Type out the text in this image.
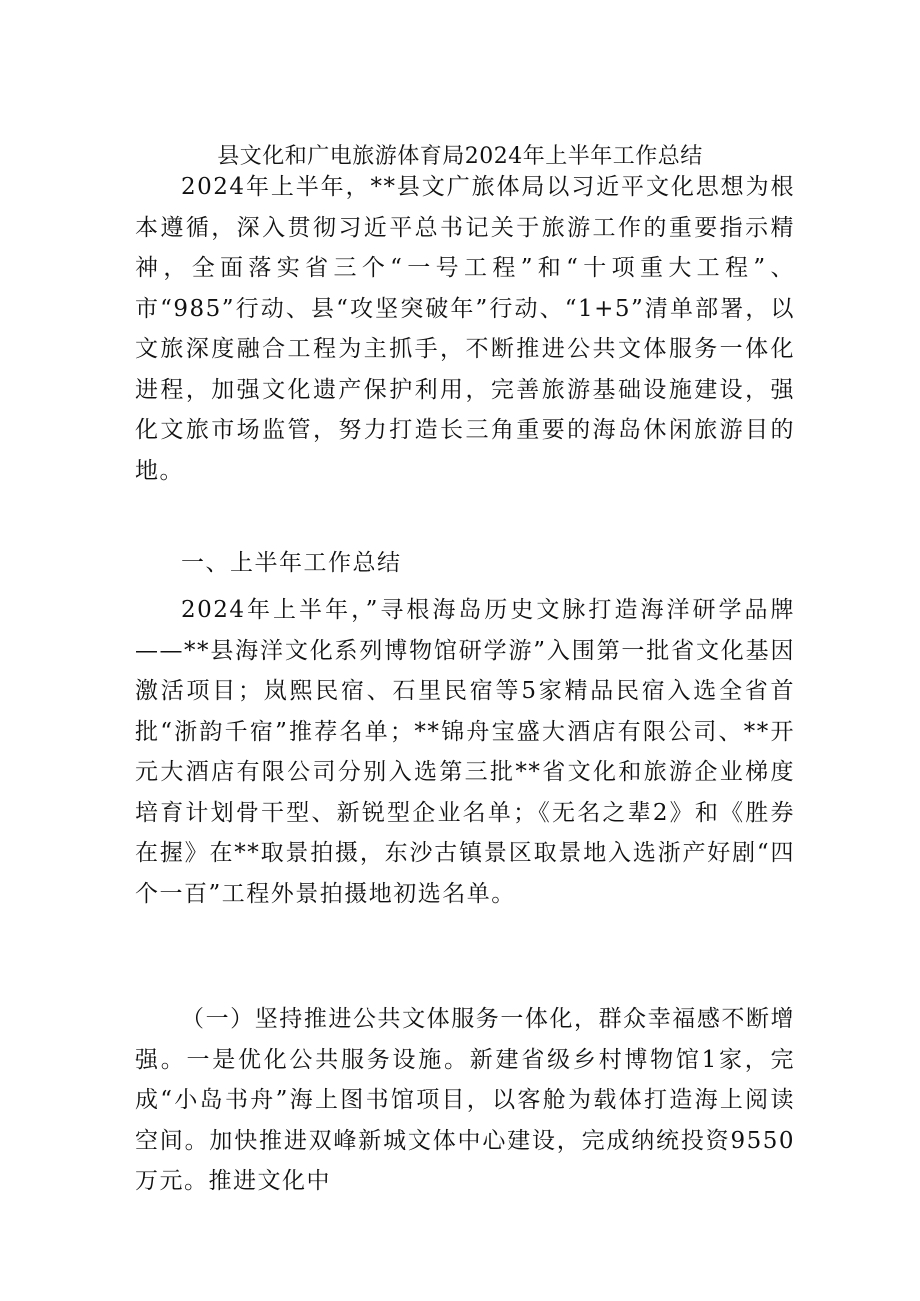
县文化和广电旅游体育局2024年上半年工作总结

2024年上半年，**县文广旅体局以习近平文化思想为根本遵循，深入贯彻习近平总书记关于旅游工作的重要指示精神，全面落实省三个“一号工程”和“十项重大工程”、市“985”行动、县“攻坚突破年”行动、“1+5”清单部署，以文旅深度融合工程为主抓手，不断推进公共文体服务一体化进程，加强文化遗产保护利用，完善旅游基础设施建设，强化文旅市场监管，努力打造长三角重要的海岛休闲旅游目的地。

一、上半年工作总结

2024年上半年，”寻根海岛历史文脉打造海洋研学品牌——**县海洋文化系列博物馆研学游”入围第一批省文化基因激活项目；岚熙民宿、石里民宿等5家精品民宿入选全省首批“浙韵千宿”推荐名单；**锦舟宝盛大酒店有限公司、**开元大酒店有限公司分别入选第三批**省文化和旅游企业梯度培育计划骨干型、新锐型企业名单；《无名之辈2》和《胜券在握》在**取景拍摄，东沙古镇景区取景地入选浙产好剧“四个一百”工程外景拍摄地初选名单。

（一）坚持推进公共文体服务一体化，群众幸福感不断增强。一是优化公共服务设施。新建省级乡村博物馆1家，完成“小岛书舟”海上图书馆项目，以客舱为载体打造海上阅读空间。加快推进双峰新城文体中心建设，完成纳统投资9550万元。推进文化中
